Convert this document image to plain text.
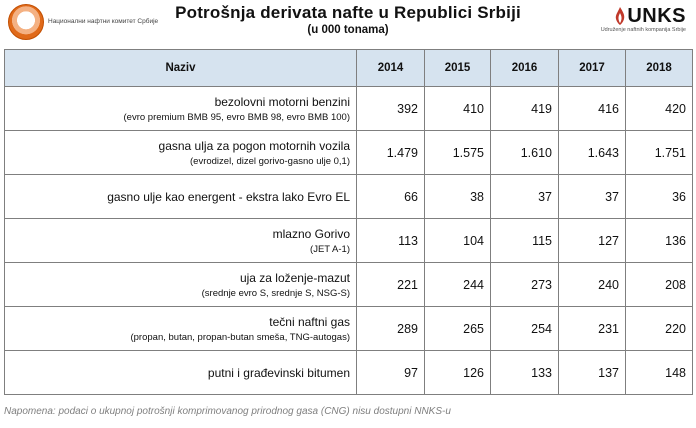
Национални нафтни комитет Србије Potrošnja derivata nafte u Republici Srbiji
(u 000 tonama)
UNKS
Udruženje naftnih kompanija Srbije
Naziv	2014	2015	2016	2017	2018

bezolovni motorni benzini
(evro premium BMB 95, evro BMB 98, evro BMB 100)	392	410	419	416	420

gasna ulja za pogon motornih vozila
(evrodizel, dizel gorivo-gasno ulje 0,1)	1.479	1.575	1.610	1.643	1.751

gasno ulje kao energent - ekstra lako Evro EL	66	38	37	37	36

mlazno Gorivo
(JET A-1)	113	104	115	127	136

uja za loženje-mazut
(srednje evro S, srednje S, NSG-S)	221	244	273	240	208

tečni naftni gas
(propan, butan, propan-butan smeša, TNG-autogas)	289	265	254	231	220

putni i građevinski bitumen	97	126	133	137	148
Napomena: podaci o ukupnoj potrošnji komprimovanog prirodnog gasa (CNG) nisu dostupni NNKS-u
